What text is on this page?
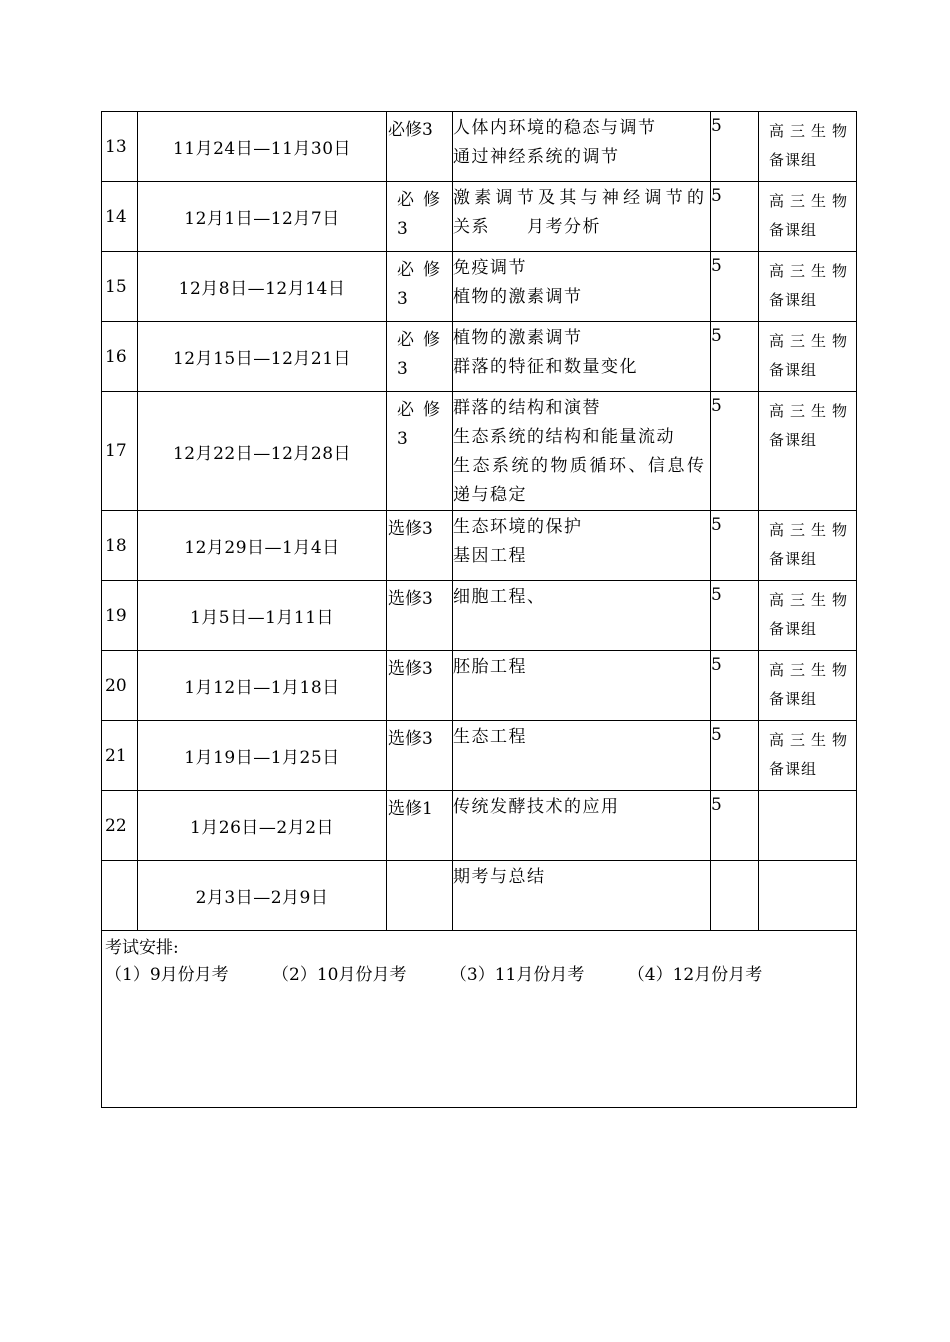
13	11月24日—11月30日	必修3	人体内环境的稳态与调节
通过神经系统的调节	5	高三生物
备课组

14	12月1日—12月7日	必修3	激素调节及其与神经调节的
关系　　月考分析	5	高三生物
备课组

15	12月8日—12月14日	必修3	免疫调节
植物的激素调节	5	高三生物
备课组

16	12月15日—12月21日	必修3	植物的激素调节
群落的特征和数量变化	5	高三生物
备课组

17	12月22日—12月28日	必修3	群落的结构和演替
生态系统的结构和能量流动
生态系统的物质循环、信息传
递与稳定	5	高三生物
备课组

18	12月29日—1月4日	选修3	生态环境的保护
基因工程	5	高三生物
备课组

19	1月5日—1月11日	选修3	细胞工程、	5	高三生物
备课组

20	1月12日—1月18日	选修3	胚胎工程	5	高三生物
备课组

21	1月19日—1月25日	选修3	生态工程	5	高三生物
备课组

22	1月26日—2月2日	选修1	传统发酵技术的应用	5	
	2月3日—2月9日		期考与总结		

考试安排:
（1）9月份月考 （2）10月份月考 （3）11月份月考 （4）12月份月考					
